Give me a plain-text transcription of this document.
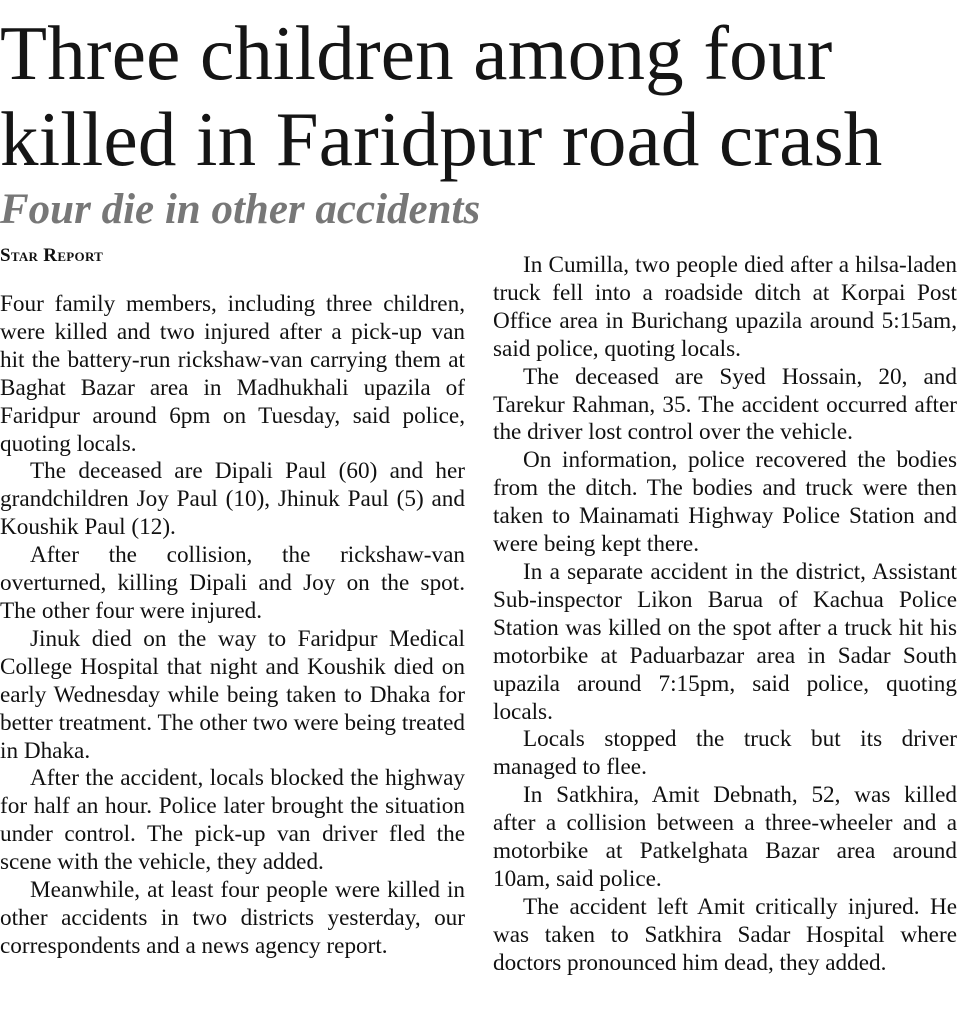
Three children among four killed in Faridpur road crash
Four die in other accidents
Star Report

Four family members, including three children, were killed and two injured after a pick-up van hit the battery-run rickshaw-van carrying them at Baghat Bazar area in Madhukhali upazila of Faridpur around 6pm on Tuesday, said police, quoting locals.

The deceased are Dipali Paul (60) and her grandchildren Joy Paul (10), Jhinuk Paul (5) and Koushik Paul (12).

After the collision, the rickshaw-van overturned, killing Dipali and Joy on the spot. The other four were injured.

Jinuk died on the way to Faridpur Medical College Hospital that night and Koushik died on early Wednesday while being taken to Dhaka for better treatment. The other two were being treated in Dhaka.

After the accident, locals blocked the highway for half an hour. Police later brought the situation under control. The pick-up van driver fled the scene with the vehicle, they added.

Meanwhile, at least four people were killed in other accidents in two districts yesterday, our correspondents and a news agency report.

In Cumilla, two people died after a hilsa-laden truck fell into a roadside ditch at Korpai Post Office area in Burichang upazila around 5:15am, said police, quoting locals.

The deceased are Syed Hossain, 20, and Tarekur Rahman, 35. The accident occurred after the driver lost control over the vehicle.

On information, police recovered the bodies from the ditch. The bodies and truck were then taken to Mainamati Highway Police Station and were being kept there.

In a separate accident in the district, Assistant Sub-inspector Likon Barua of Kachua Police Station was killed on the spot after a truck hit his motorbike at Paduarbazar area in Sadar South upazila around 7:15pm, said police, quoting locals.

Locals stopped the truck but its driver managed to flee.

In Satkhira, Amit Debnath, 52, was killed after a collision between a three-wheeler and a motorbike at Patkelghata Bazar area around 10am, said police.

The accident left Amit critically injured. He was taken to Satkhira Sadar Hospital where doctors pronounced him dead, they added.
